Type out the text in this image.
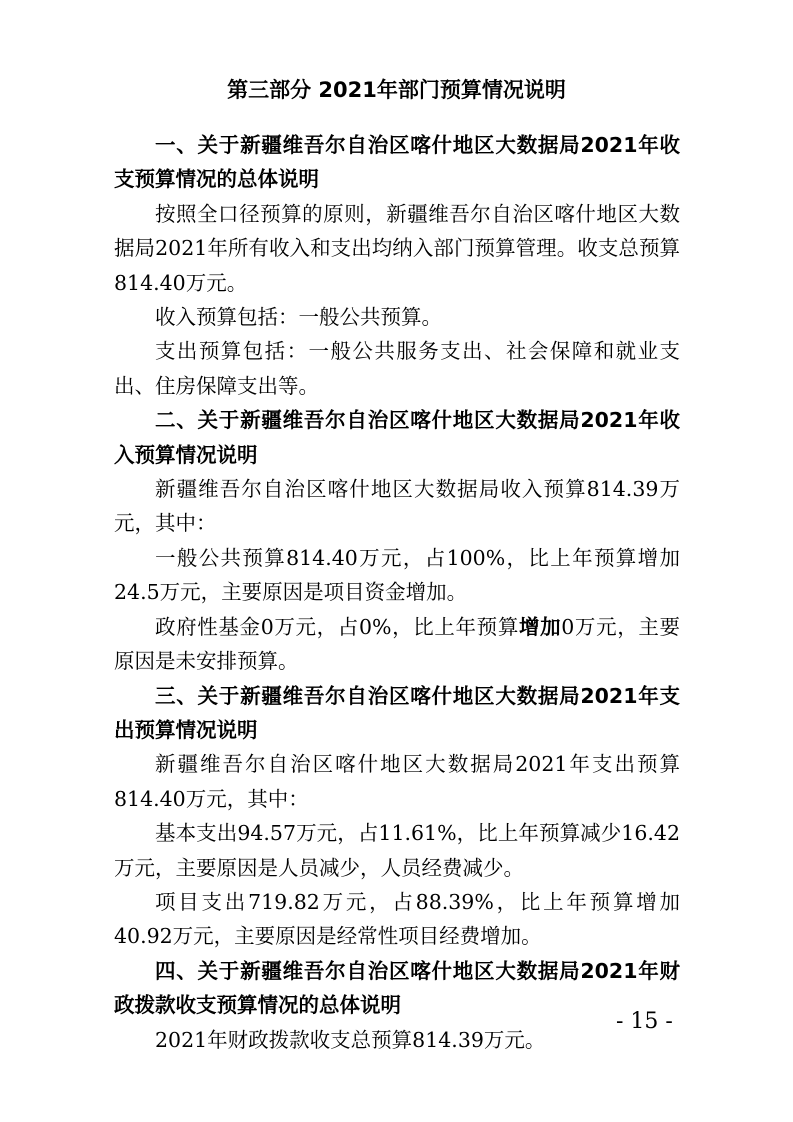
第三部分 2021年部门预算情况说明

一、关于新疆维吾尔自治区喀什地区大数据局2021年收支预算情况的总体说明

按照全口径预算的原则，新疆维吾尔自治区喀什地区大数据局2021年所有收入和支出均纳入部门预算管理。收支总预算814.40万元。

收入预算包括：一般公共预算。

支出预算包括：一般公共服务支出、社会保障和就业支出、住房保障支出等。

二、关于新疆维吾尔自治区喀什地区大数据局2021年收入预算情况说明

新疆维吾尔自治区喀什地区大数据局收入预算814.39万元，其中：

一般公共预算814.40万元，占100%，比上年预算增加24.5万元，主要原因是项目资金增加。

政府性基金0万元，占0%，比上年预算增加0万元，主要原因是未安排预算。

三、关于新疆维吾尔自治区喀什地区大数据局2021年支出预算情况说明

新疆维吾尔自治区喀什地区大数据局2021年支出预算814.40万元，其中：

基本支出94.57万元，占11.61%，比上年预算减少16.42万元，主要原因是人员减少，人员经费减少。

项目支出719.82万元，占88.39%，比上年预算增加40.92万元，主要原因是经常性项目经费增加。

四、关于新疆维吾尔自治区喀什地区大数据局2021年财政拨款收支预算情况的总体说明

2021年财政拨款收支总预算814.39万元。

- 15 -
